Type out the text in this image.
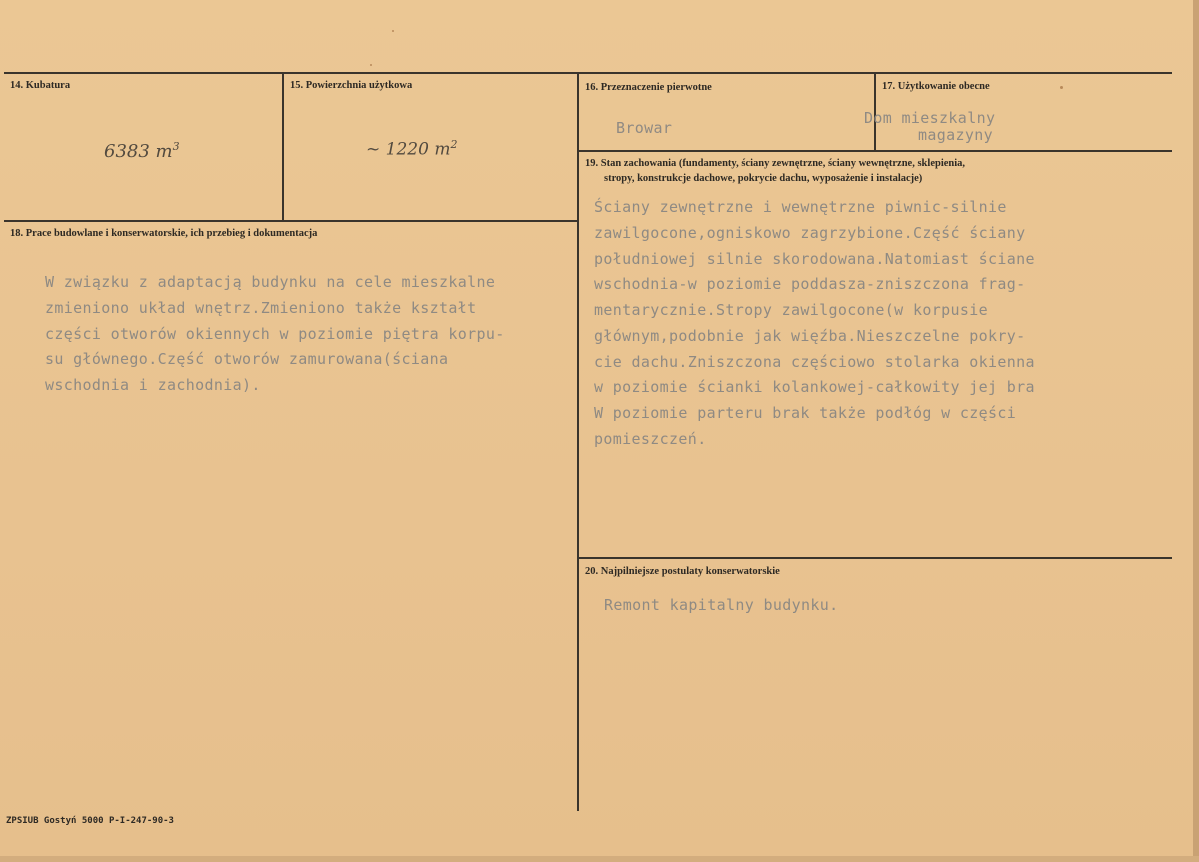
14. Kubatura
6383 $m^3$
15. Powierzchnia użytkowa
~ 1220 $m^2$
16. Przeznaczenie pierwotne
Browar
17. Użytkowanie obecne
Dom mieszkalny
magazyny
19. Stan zachowania (fundamenty, ściany zewnętrzne, ściany wewnętrzne, sklepienia,
stropy, konstrukcje dachowe, pokrycie dachu, wyposażenie i instalacje)
Ściany zewnętrzne i wewnętrzne piwnic-silnie
zawilgocone,ogniskowo zagrzybione.Część ściany
południowej silnie skorodowana.Natomiast ściane
wschodnia-w poziomie poddasza-zniszczona frag-
mentarycznie.Stropy zawilgocone(w korpusie
głównym,podobnie jak więźba.Nieszczelne pokry-
cie dachu.Zniszczona częściowo stolarka okienna
w poziomie ścianki kolankowej-całkowity jej bra
W poziomie parteru brak także podłóg w części
pomieszczeń.
18. Prace budowlane i konserwatorskie, ich przebieg i dokumentacja
W związku z adaptacją budynku na cele mieszkalne
zmieniono układ wnętrz.Zmieniono także kształt
części otworów okiennych w poziomie piętra korpu-
su głównego.Część otworów zamurowana(ściana
wschodnia i zachodnia).
20. Najpilniejsze postulaty konserwatorskie
Remont kapitalny budynku.
ZPSIUB Gostyń 5000 P-I-247-90-3
